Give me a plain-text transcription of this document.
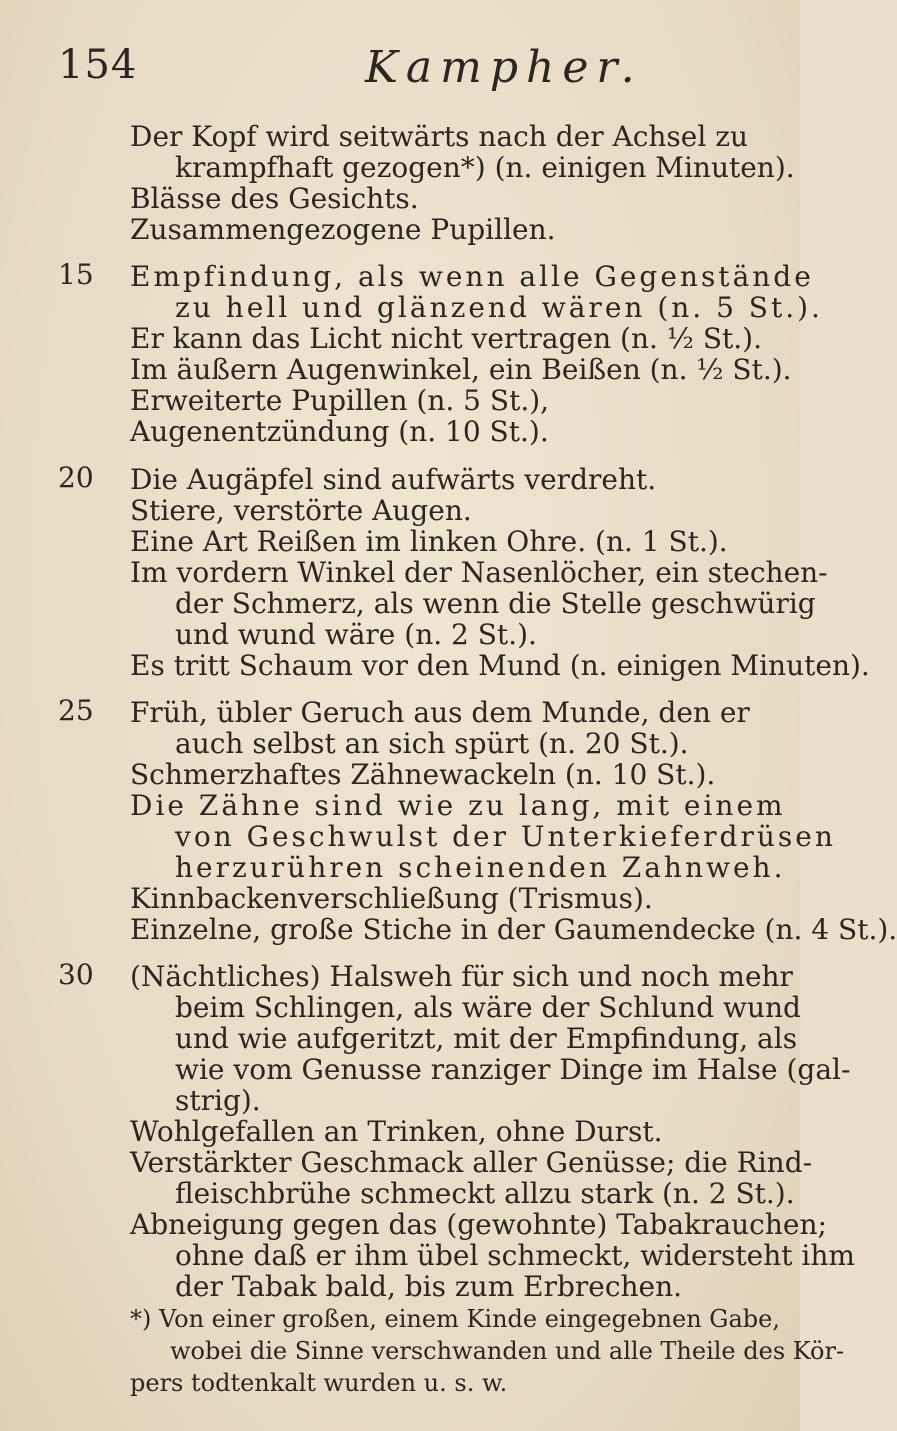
154	Kampher.
Der Kopf wird seitwärts nach der Achsel zu
krampfhaft gezogen*) (n. einigen Minuten).
Blässe des Gesichts.
Zusammengezogene Pupillen.
15 Empfindung, als wenn alle Gegenstände
zu hell und glänzend wären (n. 5 St.).
Er kann das Licht nicht vertragen (n. ½ St.).
Im äußern Augenwinkel, ein Beißen (n. ½ St.).
Erweiterte Pupillen (n. 5 St.),
Augenentzündung (n. 10 St.).
20 Die Augäpfel sind aufwärts verdreht.
Stiere, verstörte Augen.
Eine Art Reißen im linken Ohre. (n. 1 St.).
Im vordern Winkel der Nasenlöcher, ein stechen-
der Schmerz, als wenn die Stelle geschwürig
und wund wäre (n. 2 St.).
Es tritt Schaum vor den Mund (n. einigen Minuten).
25 Früh, übler Geruch aus dem Munde, den er
auch selbst an sich spürt (n. 20 St.).
Schmerzhaftes Zähnewackeln (n. 10 St.).
Die Zähne sind wie zu lang, mit einem
von Geschwulst der Unterkieferdrüsen
herzurühren scheinenden Zahnweh.
Kinnbackenverschließung (Trismus).
Einzelne, große Stiche in der Gaumendecke (n. 4 St.).
30 (Nächtliches) Halsweh für sich und noch mehr
beim Schlingen, als wäre der Schlund wund
und wie aufgeritzt, mit der Empfindung, als
wie vom Genusse ranziger Dinge im Halse (gal-
strig).
Wohlgefallen an Trinken, ohne Durst.
Verstärkter Geschmack aller Genüsse; die Rind-
fleischbrühe schmeckt allzu stark (n. 2 St.).
Abneigung gegen das (gewohnte) Tabakrauchen;
ohne daß er ihm übel schmeckt, widersteht ihm
der Tabak bald, bis zum Erbrechen.
*) Von einer großen, einem Kinde eingegebnen Gabe,
wobei die Sinne verschwanden und alle Theile des Kör-
pers todtenkalt wurden u. s. w.
